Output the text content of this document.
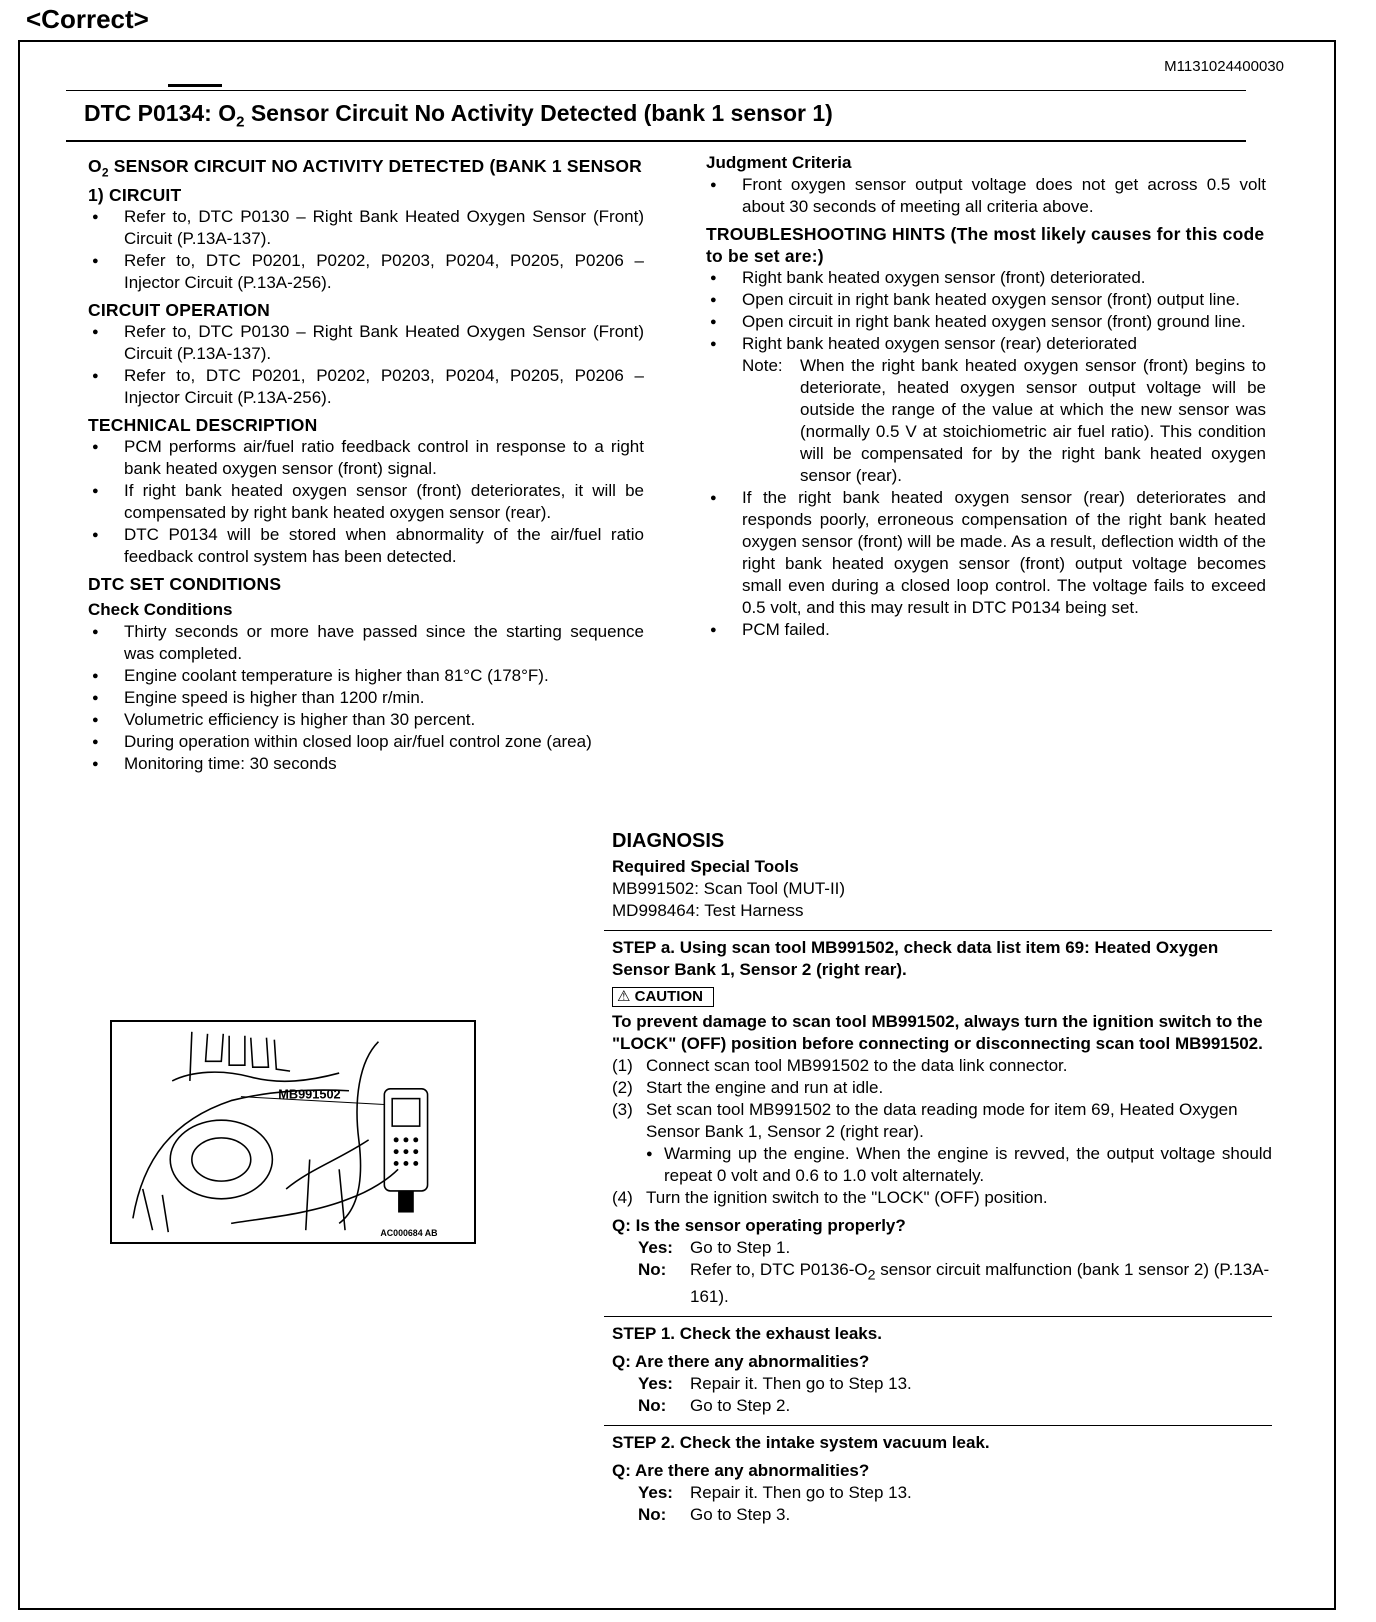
<Correct>
M1131024400030
DTC P0134: $O_2$ Sensor Circuit No Activity Detected (bank 1 sensor 1)
$O_2$ SENSOR CIRCUIT NO ACTIVITY DETECTED (BANK 1 SENSOR 1) CIRCUIT
● Refer to, DTC P0130 – Right Bank Heated Oxygen Sensor (Front) Circuit (P.13A-137).
● Refer to, DTC P0201, P0202, P0203, P0204, P0205, P0206 – Injector Circuit (P.13A-256).
CIRCUIT OPERATION
● Refer to, DTC P0130 – Right Bank Heated Oxygen Sensor (Front) Circuit (P.13A-137).
● Refer to, DTC P0201, P0202, P0203, P0204, P0205, P0206 – Injector Circuit (P.13A-256).
TECHNICAL DESCRIPTION
● PCM performs air/fuel ratio feedback control in response to a right bank heated oxygen sensor (front) signal.
● If right bank heated oxygen sensor (front) deteriorates, it will be compensated by right bank heated oxygen sensor (rear).
● DTC P0134 will be stored when abnormality of the air/fuel ratio feedback control system has been detected.
DTC SET CONDITIONS
Check Conditions
● Thirty seconds or more have passed since the starting sequence was completed.
● Engine coolant temperature is higher than 81°C (178°F).
● Engine speed is higher than 1200 r/min.
● Volumetric efficiency is higher than 30 percent.
● During operation within closed loop air/fuel control zone (area)
● Monitoring time: 30 seconds
Judgment Criteria
● Front oxygen sensor output voltage does not get across 0.5 volt about 30 seconds of meeting all criteria above.
TROUBLESHOOTING HINTS (The most likely causes for this code to be set are:)
● Right bank heated oxygen sensor (front) deteriorated.
● Open circuit in right bank heated oxygen sensor (front) output line.
● Open circuit in right bank heated oxygen sensor (front) ground line.
● Right bank heated oxygen sensor (rear) deteriorated
Note:	When the right bank heated oxygen sensor (front) begins to deteriorate, heated oxygen sensor output voltage will be outside the range of the value at which the new sensor was (normally 0.5 V at stoichiometric air fuel ratio). This condition will be compensated for by the right bank heated oxygen sensor (rear).
● If the right bank heated oxygen sensor (rear) deteriorates and responds poorly, erroneous compensation of the right bank heated oxygen sensor (front) will be made. As a result, deflection width of the right bank heated oxygen sensor (front) output voltage becomes small even during a closed loop control. The voltage fails to exceed 0.5 volt, and this may result in DTC P0134 being set.
● PCM failed.
DIAGNOSIS
Required Special Tools
MB991502: Scan Tool (MUT-II)
MD998464: Test Harness
STEP a. Using scan tool MB991502, check data list item 69: Heated Oxygen Sensor Bank 1, Sensor 2 (right rear).
⚠ CAUTION
To prevent damage to scan tool MB991502, always turn the ignition switch to the "LOCK" (OFF) position before connecting or disconnecting scan tool MB991502.
(1) Connect scan tool MB991502 to the data link connector.
(2) Start the engine and run at idle.
(3) Set scan tool MB991502 to the data reading mode for item 69, Heated Oxygen Sensor Bank 1, Sensor 2 (right rear).
● Warming up the engine. When the engine is revved, the output voltage should repeat 0 volt and 0.6 to 1.0 volt alternately.
(4) Turn the ignition switch to the "LOCK" (OFF) position.
Q: Is the sensor operating properly?
Yes:	Go to Step 1.
No:	Refer to, DTC $P0136-O_2$ sensor circuit malfunction (bank 1 sensor 2) (P.13A-161).
STEP 1. Check the exhaust leaks.
Q: Are there any abnormalities?
Yes:	Repair it. Then go to Step 13.
No:	Go to Step 2.
STEP 2. Check the intake system vacuum leak.
Q: Are there any abnormalities?
Yes:	Repair it. Then go to Step 13.
No:	Go to Step 3.
MB991502
AC000684 AB
